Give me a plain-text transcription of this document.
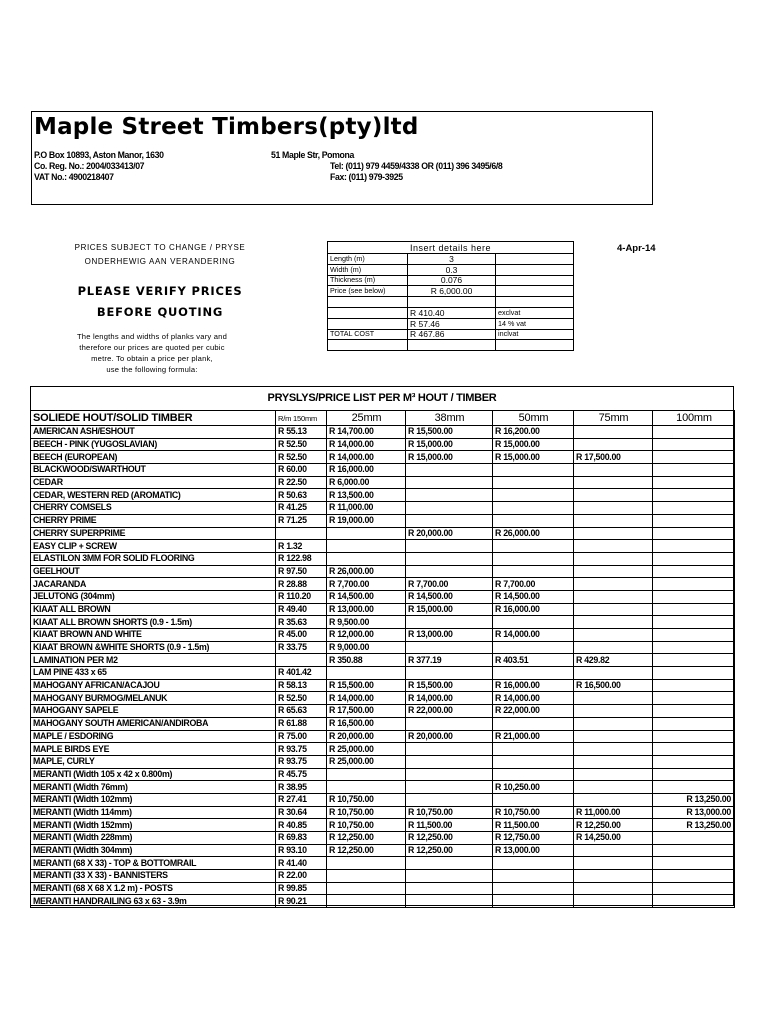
Maple Street Timbers(pty)ltd
P.O Box 10893, Aston Manor, 1630
Co. Reg. No.: 2004/033413/07
VAT No.: 4900218407
51 Maple Str, Pomona
Tel: (011) 979 4459/4338 OR (011) 396 3495/6/8
Fax: (011) 979-3925
PRICES SUBJECT TO CHANGE / PRYSE
ONDERHEWIG AAN VERANDERING
PLEASE VERIFY PRICES
BEFORE QUOTING
The lengths and widths of planks vary and
therefore our prices are quoted per cubic
metre. To obtain a price per plank,
use the following formula:
4-Apr-14
Insert details here		
Length (m)	3	
Width (m)	0.3	
Thickness (m)	0.076	
Price (see below)	R 6,000.00	

	R 410.40	exclvat
	R 57.46	14 % vat
TOTAL COST	R 467.86	inclvat

PRYSLYS/PRICE LIST PER M³ HOUT / TIMBER
SOLIEDE HOUT/SOLID TIMBER	R/m 150mm	25mm	38mm	50mm	75mm	100mm
AMERICAN ASH/ESHOUT	R 55.13	R 14,700.00	R 15,500.00	R 16,200.00		
BEECH - PINK (YUGOSLAVIAN)	R 52.50	R 14,000.00	R 15,000.00	R 15,000.00		
BEECH (EUROPEAN)	R 52.50	R 14,000.00	R 15,000.00	R 15,000.00	R 17,500.00	
BLACKWOOD/SWARTHOUT	R 60.00	R 16,000.00				
CEDAR	R 22.50	R 6,000.00				
CEDAR, WESTERN RED (AROMATIC)	R 50.63	R 13,500.00				
CHERRY COMSELS	R 41.25	R 11,000.00				
CHERRY PRIME	R 71.25	R 19,000.00				
CHERRY SUPERPRIME			R 20,000.00	R 26,000.00		
EASY CLIP + SCREW	R 1.32					
ELASTILON 3MM FOR SOLID FLOORING	R 122.98					
GEELHOUT	R 97.50	R 26,000.00				
JACARANDA	R 28.88	R 7,700.00	R 7,700.00	R 7,700.00		
JELUTONG (304mm)	R 110.20	R 14,500.00	R 14,500.00	R 14,500.00		
KIAAT ALL BROWN	R 49.40	R 13,000.00	R 15,000.00	R 16,000.00		
KIAAT ALL BROWN SHORTS (0.9 - 1.5m)	R 35.63	R 9,500.00				
KIAAT BROWN AND WHITE	R 45.00	R 12,000.00	R 13,000.00	R 14,000.00		
KIAAT BROWN &WHITE SHORTS (0.9 - 1.5m)	R 33.75	R 9,000.00				
LAMINATION PER M2		R 350.88	R 377.19	R 403.51	R 429.82	
LAM PINE 433 x 65	R 401.42					
MAHOGANY AFRICAN/ACAJOU	R 58.13	R 15,500.00	R 15,500.00	R 16,000.00	R 16,500.00	
MAHOGANY BURMOG/MELANUK	R 52.50	R 14,000.00	R 14,000.00	R 14,000.00		
MAHOGANY SAPELE	R 65.63	R 17,500.00	R 22,000.00	R 22,000.00		
MAHOGANY SOUTH AMERICAN/ANDIROBA	R 61.88	R 16,500.00				
MAPLE / ESDORING	R 75.00	R 20,000.00	R 20,000.00	R 21,000.00		
MAPLE BIRDS EYE	R 93.75	R 25,000.00				
MAPLE, CURLY	R 93.75	R 25,000.00				
MERANTI (Width 105 x 42 x 0.800m)	R 45.75					
MERANTI (Width 76mm)	R 38.95			R 10,250.00		
MERANTI (Width 102mm)	R 27.41	R 10,750.00				R 13,250.00
MERANTI (Width 114mm)	R 30.64	R 10,750.00	R 10,750.00	R 10,750.00	R 11,000.00	R 13,000.00
MERANTI (Width 152mm)	R 40.85	R 10,750.00	R 11,500.00	R 11,500.00	R 12,250.00	R 13,250.00
MERANTI (Width 228mm)	R 69.83	R 12,250.00	R 12,250.00	R 12,750.00	R 14,250.00	
MERANTI (Width 304mm)	R 93.10	R 12,250.00	R 12,250.00	R 13,000.00		
MERANTI (68 X 33) - TOP & BOTTOMRAIL	R 41.40					
MERANTI (33 X 33) - BANNISTERS	R 22.00					
MERANTI (68 X 68 X 1.2 m) - POSTS	R 99.85					
MERANTI HANDRAILING 63 x 63 - 3.9m	R 90.21					
